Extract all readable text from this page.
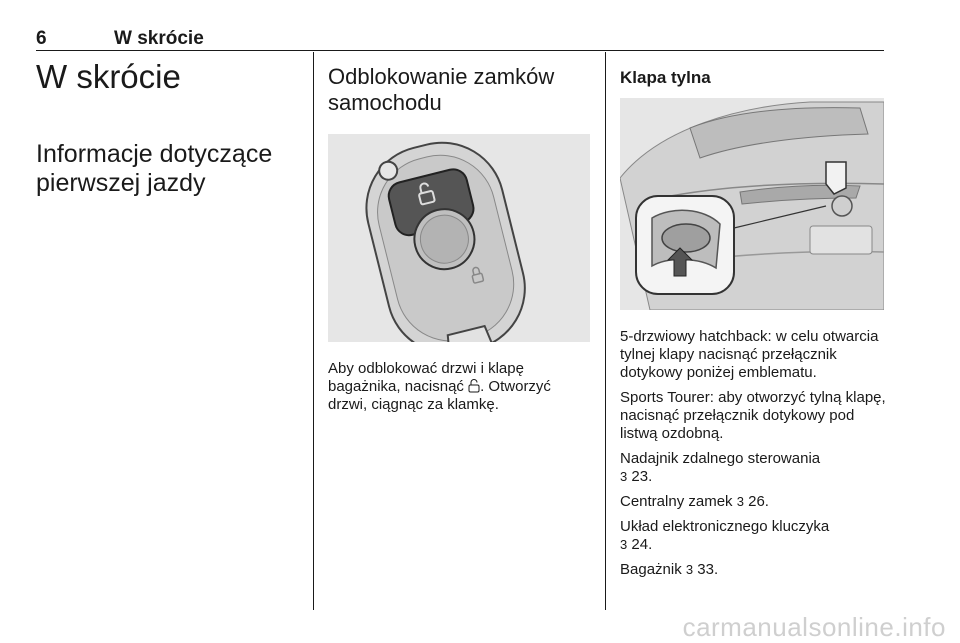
6	W skrócie
W skrócie
Informacje dotyczące pierwszej jazdy
Odblokowanie zamków samochodu

Aby odblokować drzwi i klapę bagażnika, nacisnąć . Otworzyć drzwi, ciągnąc za klamkę.

Klapa tylna

5-drzwiowy hatchback: w celu otwarcia tylnej klapy nacisnąć przełącznik dotykowy poniżej emblematu.

Sports Tourer: aby otworzyć tylną klapę, nacisnąć przełącznik dotykowy pod listwą ozdobną.

Nadajnik zdalnego sterowania
3 23.

Centralny zamek 3 26.

Układ elektronicznego kluczyka
3 24.

Bagażnik 3 33.

carmanualsonline.info
